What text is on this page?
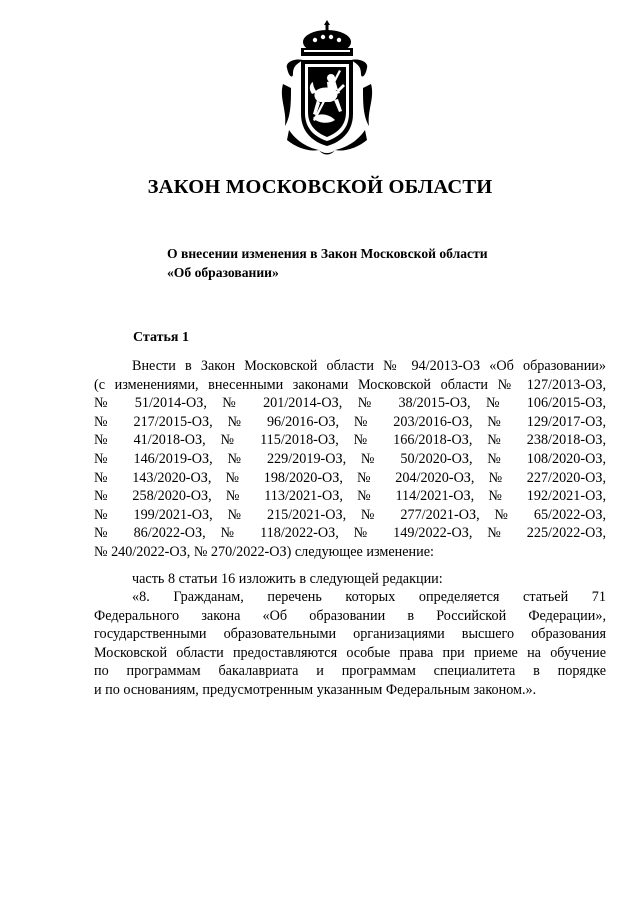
ЗАКОН МОСКОВСКОЙ ОБЛАСТИ
О внесении изменения в Закон Московской области
«Об образовании»
Статья 1
Внести в Закон Московской области № 94/2013-ОЗ «Об образовании»
(с изменениями, внесенными законами Московской области № 127/2013-ОЗ,
№ 51/2014-ОЗ, № 201/2014-ОЗ, № 38/2015-ОЗ, № 106/2015-ОЗ,
№ 217/2015-ОЗ, № 96/2016-ОЗ, № 203/2016-ОЗ, № 129/2017-ОЗ,
№ 41/2018-ОЗ, № 115/2018-ОЗ, № 166/2018-ОЗ, № 238/2018-ОЗ,
№ 146/2019-ОЗ, № 229/2019-ОЗ, № 50/2020-ОЗ, № 108/2020-ОЗ,
№ 143/2020-ОЗ, № 198/2020-ОЗ, № 204/2020-ОЗ, № 227/2020-ОЗ,
№ 258/2020-ОЗ, № 113/2021-ОЗ, № 114/2021-ОЗ, № 192/2021-ОЗ,
№ 199/2021-ОЗ, № 215/2021-ОЗ, № 277/2021-ОЗ, № 65/2022-ОЗ,
№ 86/2022-ОЗ, № 118/2022-ОЗ, № 149/2022-ОЗ, № 225/2022-ОЗ,
№ 240/2022-ОЗ, № 270/2022-ОЗ) следующее изменение:
часть 8 статьи 16 изложить в следующей редакции:
«8. Гражданам, перечень которых определяется статьей 71
Федерального закона «Об образовании в Российской Федерации»,
государственными образовательными организациями высшего образования
Московской области предоставляются особые права при приеме на обучение
по программам бакалавриата и программам специалитета в порядке
и по основаниям, предусмотренным указанным Федеральным законом.».
